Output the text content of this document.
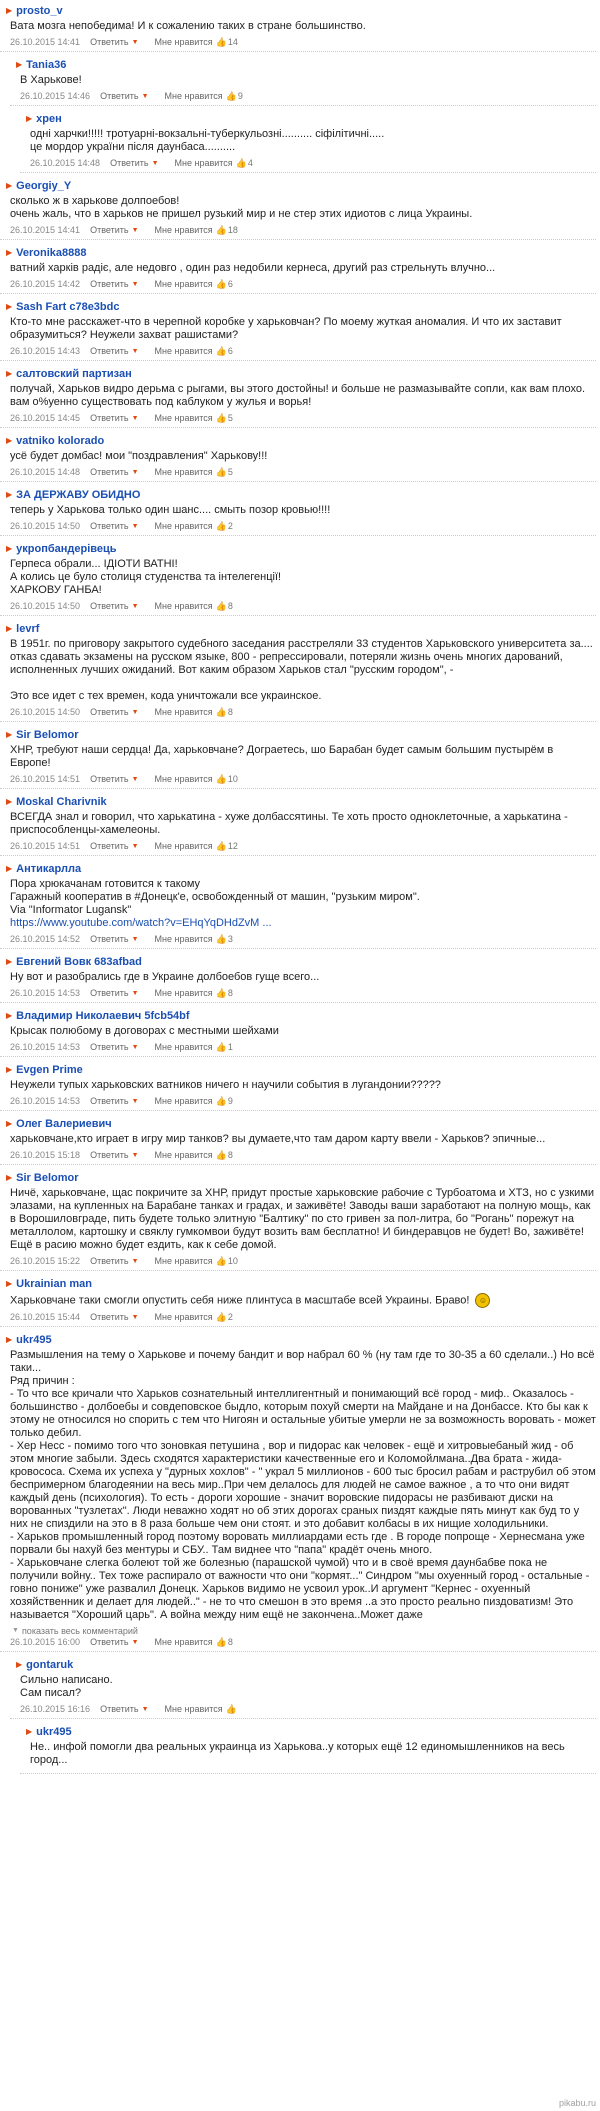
▶ prosto_v
Вата мозга непобедима! И к сожалению таких в стране большинство.
26.10.2015 14:41 Ответить ▼ Мне нравится 👍 14
▶ Tania36
В Харькове!
26.10.2015 14:46 Ответить ▼ Мне нравится 👍 9
▶ хрен
одні харчки!!!!! тротуарні-вокзальні-туберкульозні.......... сіфілітичні.....
це мордор україни після даунбаса..........
26.10.2015 14:48 Ответить ▼ Мне нравится 👍 4
▶ Georgiy_Y
сколько ж в харькове долпоебов!
очень жаль, что в харьков не пришел рузький мир и не стер этих идиотов с лица Украины.
26.10.2015 14:41 Ответить ▼ Мне нравится 👍 18
▶ Veronika8888
ватний харків радіє, але недовго , один раз недобили кернеса, другий раз стрельнуть влучно...
26.10.2015 14:42 Ответить ▼ Мне нравится 👍 6
▶ Sash Fart c78e3bdc
Кто-то мне расскажет-что в черепной коробке у харьковчан? По моему жуткая аномалия. И что их заставит образумиться? Неужели захват рашистами?
26.10.2015 14:43 Ответить ▼ Мне нравится 👍 6
▶ салтовский партизан
получай, Харьков видро дерьма с рыгами, вы этого достойны! и больше не размазывайте сопли, как вам плохо. вам о%уенно существовать под каблуком у жулья и ворья!
26.10.2015 14:45 Ответить ▼ Мне нравится 👍 5
▶ vatniko kolorado
усё будет домбас! мои "поздравления" Харькову!!!
26.10.2015 14:48 Ответить ▼ Мне нравится 👍 5
▶ ЗА ДЕРЖАВУ ОБИДНО
теперь у Харькова только один шанс.... смыть позор кровью!!!!
26.10.2015 14:50 Ответить ▼ Мне нравится 👍 2
▶ укропбандерівець
Герпеса обрали... ІДІОТИ ВАТНІ!
А колись це було столиця студенства та інтелегенції!
ХАРКОВУ ГАНБА!
26.10.2015 14:50 Ответить ▼ Мне нравится 👍 8
▶ levrf
В 1951г. по приговору закрытого судебного заседания расстреляли 33 студентов Харьковского университета за.... отказ сдавать экзамены на русском языке, 800 - репрессировали, потеряли жизнь очень многих дарований, исполненных лучших ожиданий. Вот каким образом Харьков стал "русским городом", -

Это все идет с тех времен, кода уничтожали все украинское.
26.10.2015 14:50 Ответить ▼ Мне нравится 👍 8
▶ Sir Belomor
ХНР, требуют наши сердца! Да, харьковчане? Дограетесь, шо Барабан будет самым большим пустырём в Европе!
26.10.2015 14:51 Ответить ▼ Мне нравится 👍 10
▶ Moskal Charivnik
ВСЕГДА знал и говорил, что харькатина - хуже долбассятины. Те хоть просто одноклеточные, а харькатина - приспособленцы-хамелеоны.
26.10.2015 14:51 Ответить ▼ Мне нравится 👍 12
▶ Антикарлла
Пора хрюкачанам готовится к такому
Гаражный кооператив в #Донецк'е, освобожденный от машин, "рузьким миром".
Via "Informator Lugansk"
https://www.youtube.com/watch?v=EHqYqDHdZvM ...
26.10.2015 14:52 Ответить ▼ Мне нравится 👍 3
▶ Евгений Вовк 683afbad
Ну вот и разобрались где в Украине долбоебов гуще всего...
26.10.2015 14:53 Ответить ▼ Мне нравится 👍 8
▶ Владимир Николаевич 5fcb54bf
Крысак полюбому в договорах с местными шейхами
26.10.2015 14:53 Ответить ▼ Мне нравится 👍 1
▶ Evgen Prime
Неужели тупых харьковских ватников ничего н научили события в лугандонии?????
26.10.2015 14:53 Ответить ▼ Мне нравится 👍 9
▶ Олег Валериевич
харьковчане,кто играет в игру мир танков? вы думаете,что там даром карту ввели - Харьков? эпичные...
26.10.2015 15:18 Ответить ▼ Мне нравится 👍 8
▶ Sir Belomor
Ничё, харьковчане, щас покричите за ХНР, придут простые харьковские рабочие с Турбоатома и ХТЗ, но с узкими элазами, на купленных на Барабане танках и градах, и заживёте! Заводы ваши заработают на полную мощь, как в Ворошиловграде, пить будете только элитную "Балтику" по сто гривен за пол-литра, бо "Рогань" порежут на металлолом, картошку и свяклу гумкомвои будут возить вам бесплатно! И биндеравцов не будет! Во, заживёте! Ещё в расию можно будет ездить, как к себе домой.
26.10.2015 15:22 Ответить ▼ Мне нравится 👍 10
▶ Ukrainian man
Харьковчане таки смогли опустить себя ниже плинтуса в масштабе всей Украины. Браво! ☺
26.10.2015 15:44 Ответить ▼ Мне нравится 👍 2
▶ ukr495
Размышления на тему о Харькове и почему бандит и вор набрал 60 % (ну там где то 30-35 а 60 сделали..) Но всё таки...
Ряд причин :
- То что все кричали что Харьков сознательный интеллигентный и понимающий всё город - миф.. Оказалось - большинство - долбоебы и совдеповское быдло, которым похуй смерти на Майдане и на Донбассе. Кто бы как к этому не относился но спорить с тем что Нигоян и остальные убитые умерли не за возможность воровать - может только дебил.
- Хер Несс - помимо того что зоновкая петушина , вор и пидорас как человек - ещё и хитровыебаный жид - об этом многие забыли. Здесь сходятся характеристики качественные его и Коломойлмана..Два брата - жида- кровососа. Схема их успеха у "дурных хохлов" - " укрaл 5 миллионов - 600 тыс бросил рабам и раструбил об этом беспримерном благодеянии на весь мир..При чем делалось для людей не самое важное , а то что они видят каждый день (психология). То есть - дороги хорошие - значит воровские пидорасы не разбивают диски на ворованных "тузлетах". Люди неважно ходят но об этих дорогах сраных пиздят каждые пять минут как буд то у них не спиздили на это в 8 раза больше чем они стоят. и это добавит колбасы в их нищие холодильники.
- Харьков промышленный город поэтому воровать миллиардами есть где . В городе попроще - Хернесмана уже порвали бы нахуй без ментуры и СБУ.. Там виднее что "папа" крадёт очень много.
- Харьковчане слегка болеют той же болезнью (парашской чумой) что и в своё время даунбабве пока не получили войну.. Тех тоже распирало от важности что они "кормят..." Синдром "мы охуенный город - остальные - говно пониже" уже развалил Донецк. Харьков видимо не усвоил урок..И аргумент "Кернес - охуенный хозяйственник и делает для людей.." - не то что смешон в это время ..а это просто реально пиздоватизм! Это называется "Хороший царь". А война между ним ещё не закончена..Может даже
▼ показать весь комментарий
26.10.2015 16:00 Ответить ▼ Мне нравится 👍 8
▶ gontaruk
Сильно написано.
Сам писал?
26.10.2015 16:16 Ответить ▼ Мне нравится 👍
▶ ukr495
Не.. инфой помогли два реальных украинца из Харькова..у которых ещё 12 единомышленников на весь город...
pikabu.ru
